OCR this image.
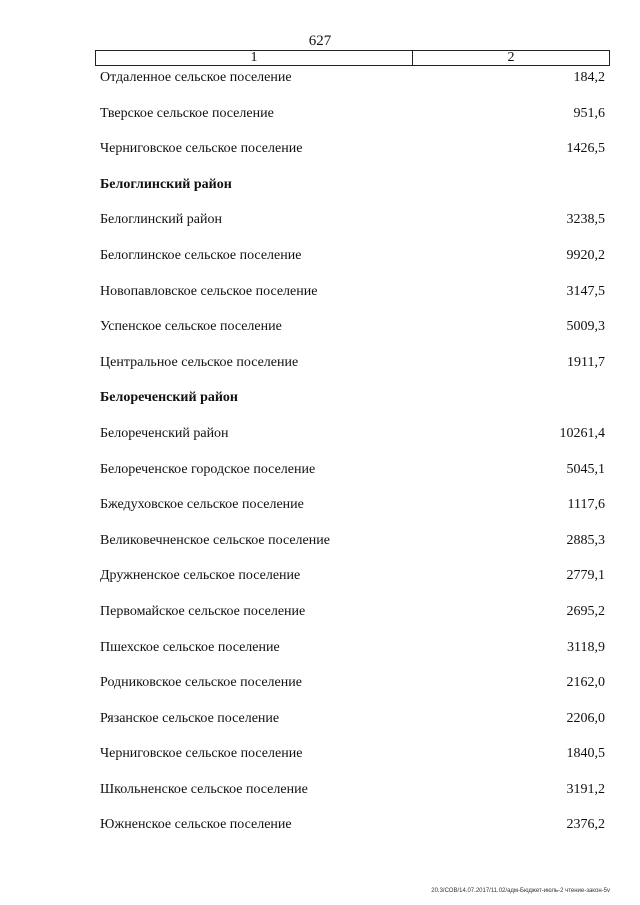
627
1	2
Отдаленное сельское поселение	184,2
Тверское сельское поселение	951,6
Черниговское сельское поселение	1426,5
Белоглинский район
Белоглинский район	3238,5
Белоглинское сельское поселение	9920,2
Новопавловское сельское поселение	3147,5
Успенское сельское поселение	5009,3
Центральное сельское поселение	1911,7
Белореченский район
Белореченский район	10261,4
Белореченское городское поселение	5045,1
Бжедуховское сельское поселение	1117,6
Великовечненское сельское поселение	2885,3
Дружненское сельское поселение	2779,1
Первомайское сельское поселение	2695,2
Пшехское сельское поселение	3118,9
Родниковское сельское поселение	2162,0
Рязанское сельское поселение	2206,0
Черниговское сельское поселение	1840,5
Школьненское сельское поселение	3191,2
Южненское сельское поселение	2376,2
20.3/СОВ/14.07.2017/11.02/адм-Бюджет-июль-2 чтение-закон-5v
